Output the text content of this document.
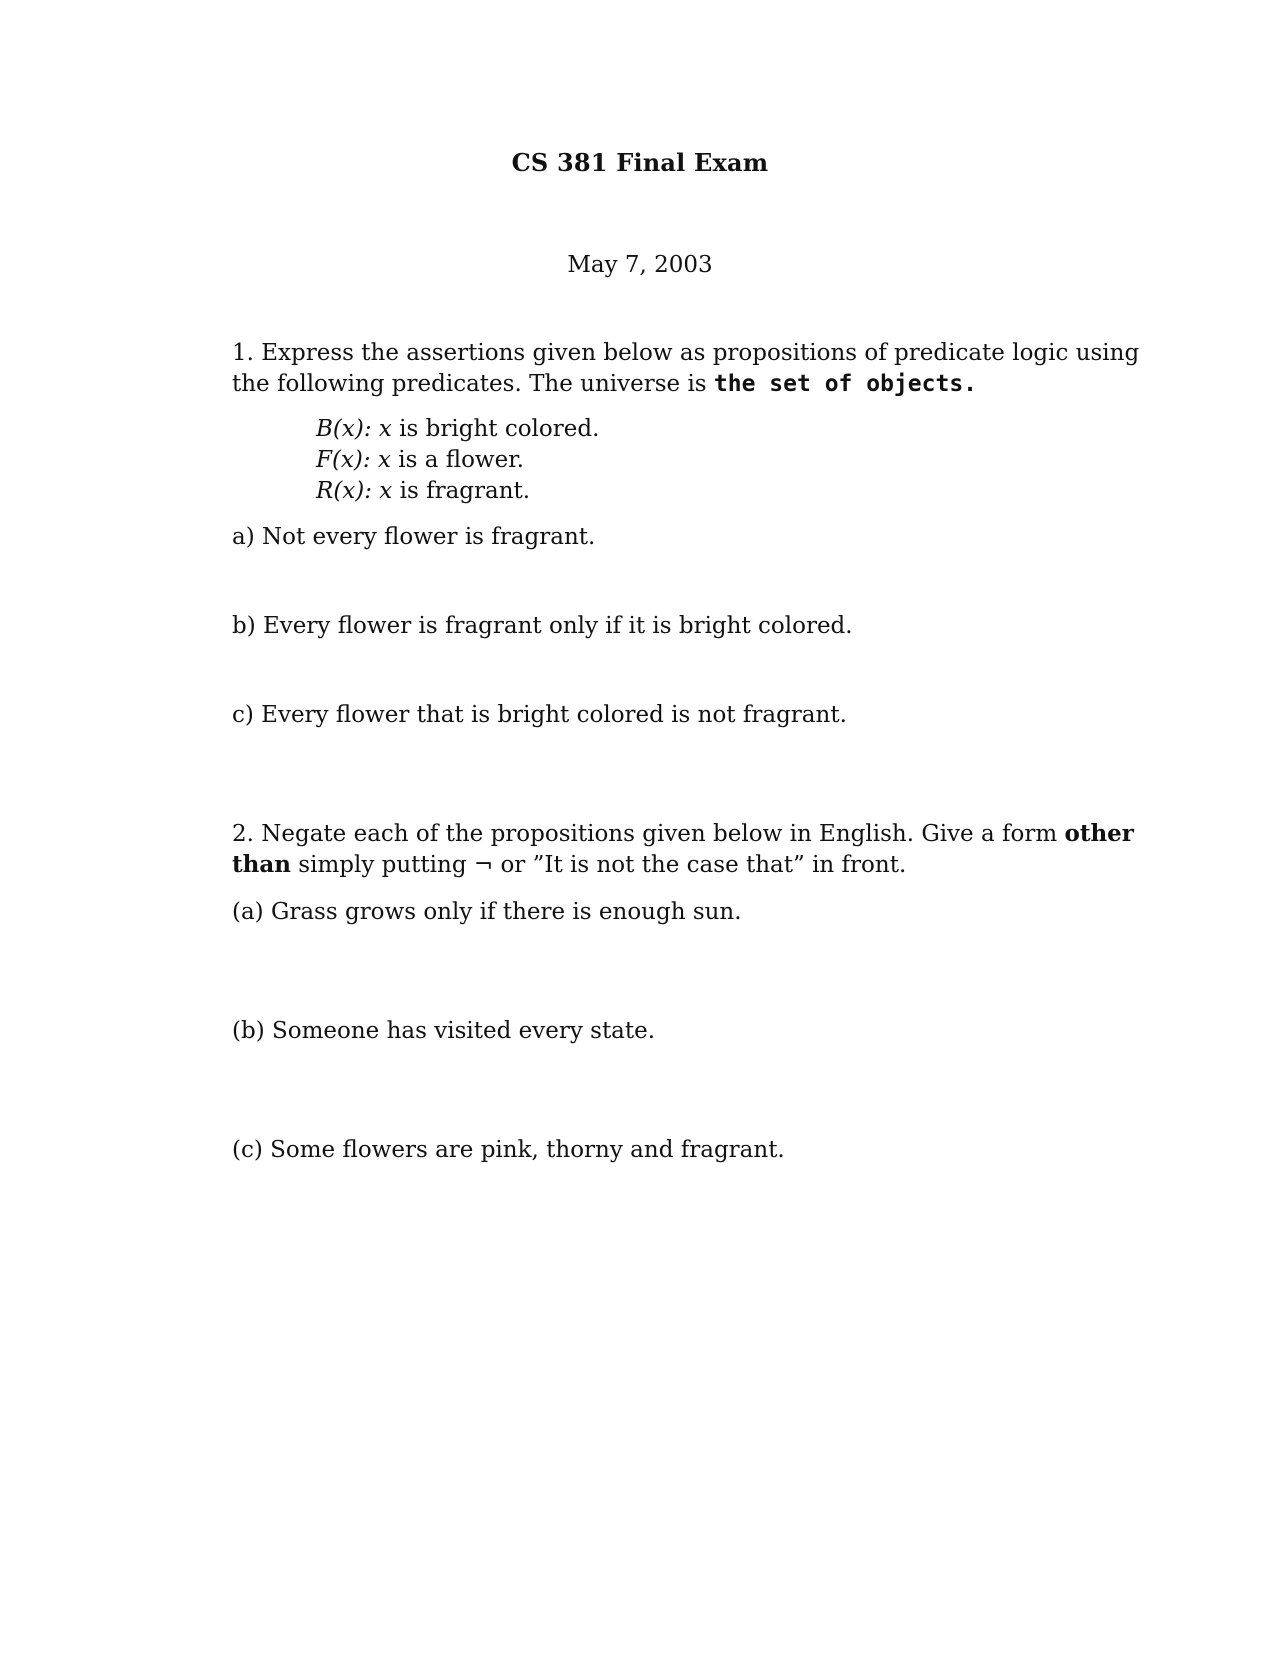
CS 381 Final Exam
May 7, 2003
1. Express the assertions given below as propositions of predicate logic using
the following predicates. The universe is the set of objects.
B(x): x is bright colored.
F(x): x is a flower.
R(x): x is fragrant.
a) Not every flower is fragrant.
b) Every flower is fragrant only if it is bright colored.
c) Every flower that is bright colored is not fragrant.
2. Negate each of the propositions given below in English. Give a form other
than simply putting ¬ or ”It is not the case that” in front.
(a) Grass grows only if there is enough sun.
(b) Someone has visited every state.
(c) Some flowers are pink, thorny and fragrant.
